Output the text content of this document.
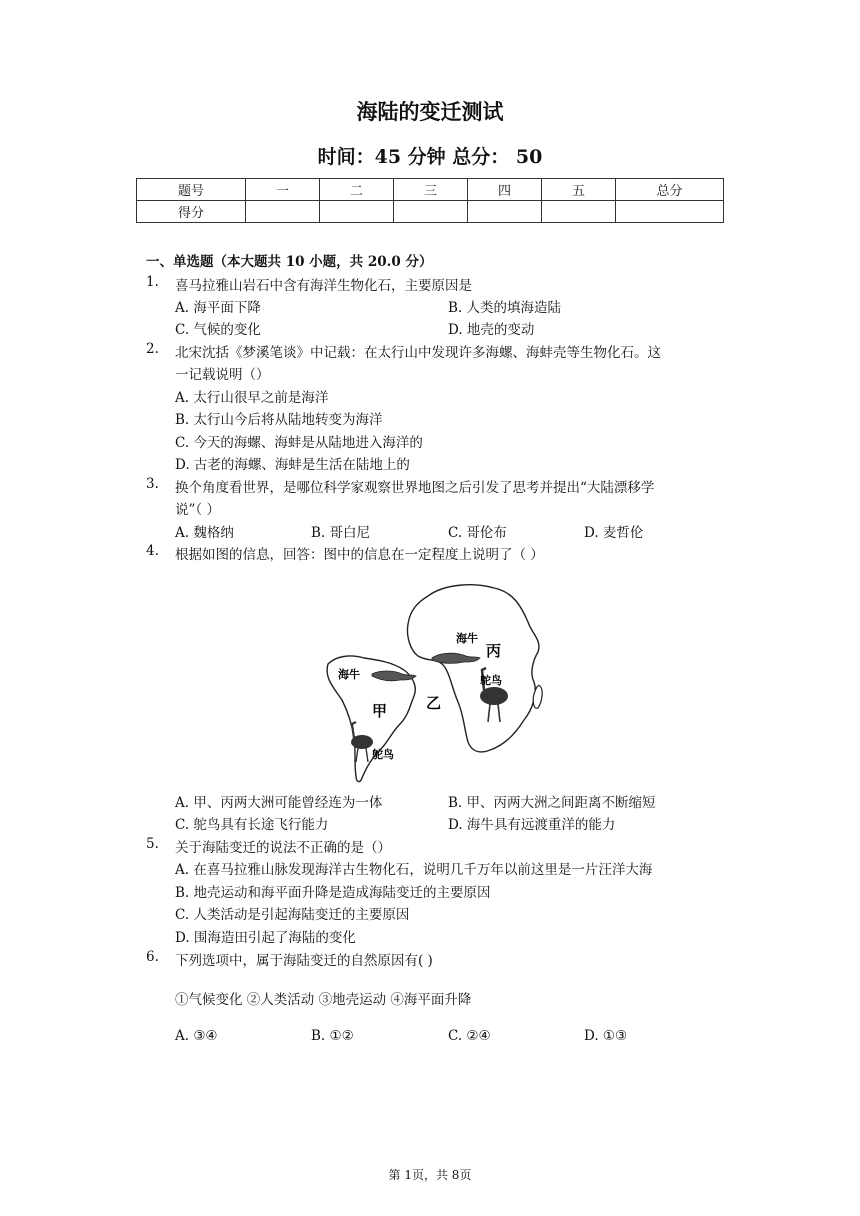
海陆的变迁测试
时间：45 分钟 总分： 50
题号	一	二	三	四	五	总分
得分						
一、单选题（本大题共 10 小题，共 20.0 分）
1. 喜马拉雅山岩石中含有海洋生物化石，主要原因是
A. 海平面下降	B. 人类的填海造陆
C. 气候的变化	D. 地壳的变动
2. 北宋沈括《梦溪笔谈》中记载：在太行山中发现许多海螺、海蚌壳等生物化石。这
一记载说明（）
A. 太行山很早之前是海洋
B. 太行山今后将从陆地转变为海洋
C. 今天的海螺、海蚌是从陆地进入海洋的
D. 古老的海螺、海蚌是生活在陆地上的
3. 换个角度看世界，是哪位科学家观察世界地图之后引发了思考并提出“大陆漂移学
说”（ ）
A. 魏格纳	B. 哥白尼	C. 哥伦布	D. 麦哲伦
4. 根据如图的信息，回答：图中的信息在一定程度上说明了（ ）
海牛
丙
鸵鸟
海牛
乙
甲
鸵鸟
A. 甲、丙两大洲可能曾经连为一体	B. 甲、丙两大洲之间距离不断缩短
C. 鸵鸟具有长途飞行能力	D. 海牛具有远渡重洋的能力
5. 关于海陆变迁的说法不正确的是（）
A. 在喜马拉雅山脉发现海洋古生物化石，说明几千万年以前这里是一片汪洋大海
B. 地壳运动和海平面升降是造成海陆变迁的主要原因
C. 人类活动是引起海陆变迁的主要原因
D. 围海造田引起了海陆的变化
6. 下列选项中，属于海陆变迁的自然原因有( )
①气候变化 ②人类活动 ③地壳运动 ④海平面升降
A. ③④	B. ①②	C. ②④	D. ①③
第 1页，共 8页
